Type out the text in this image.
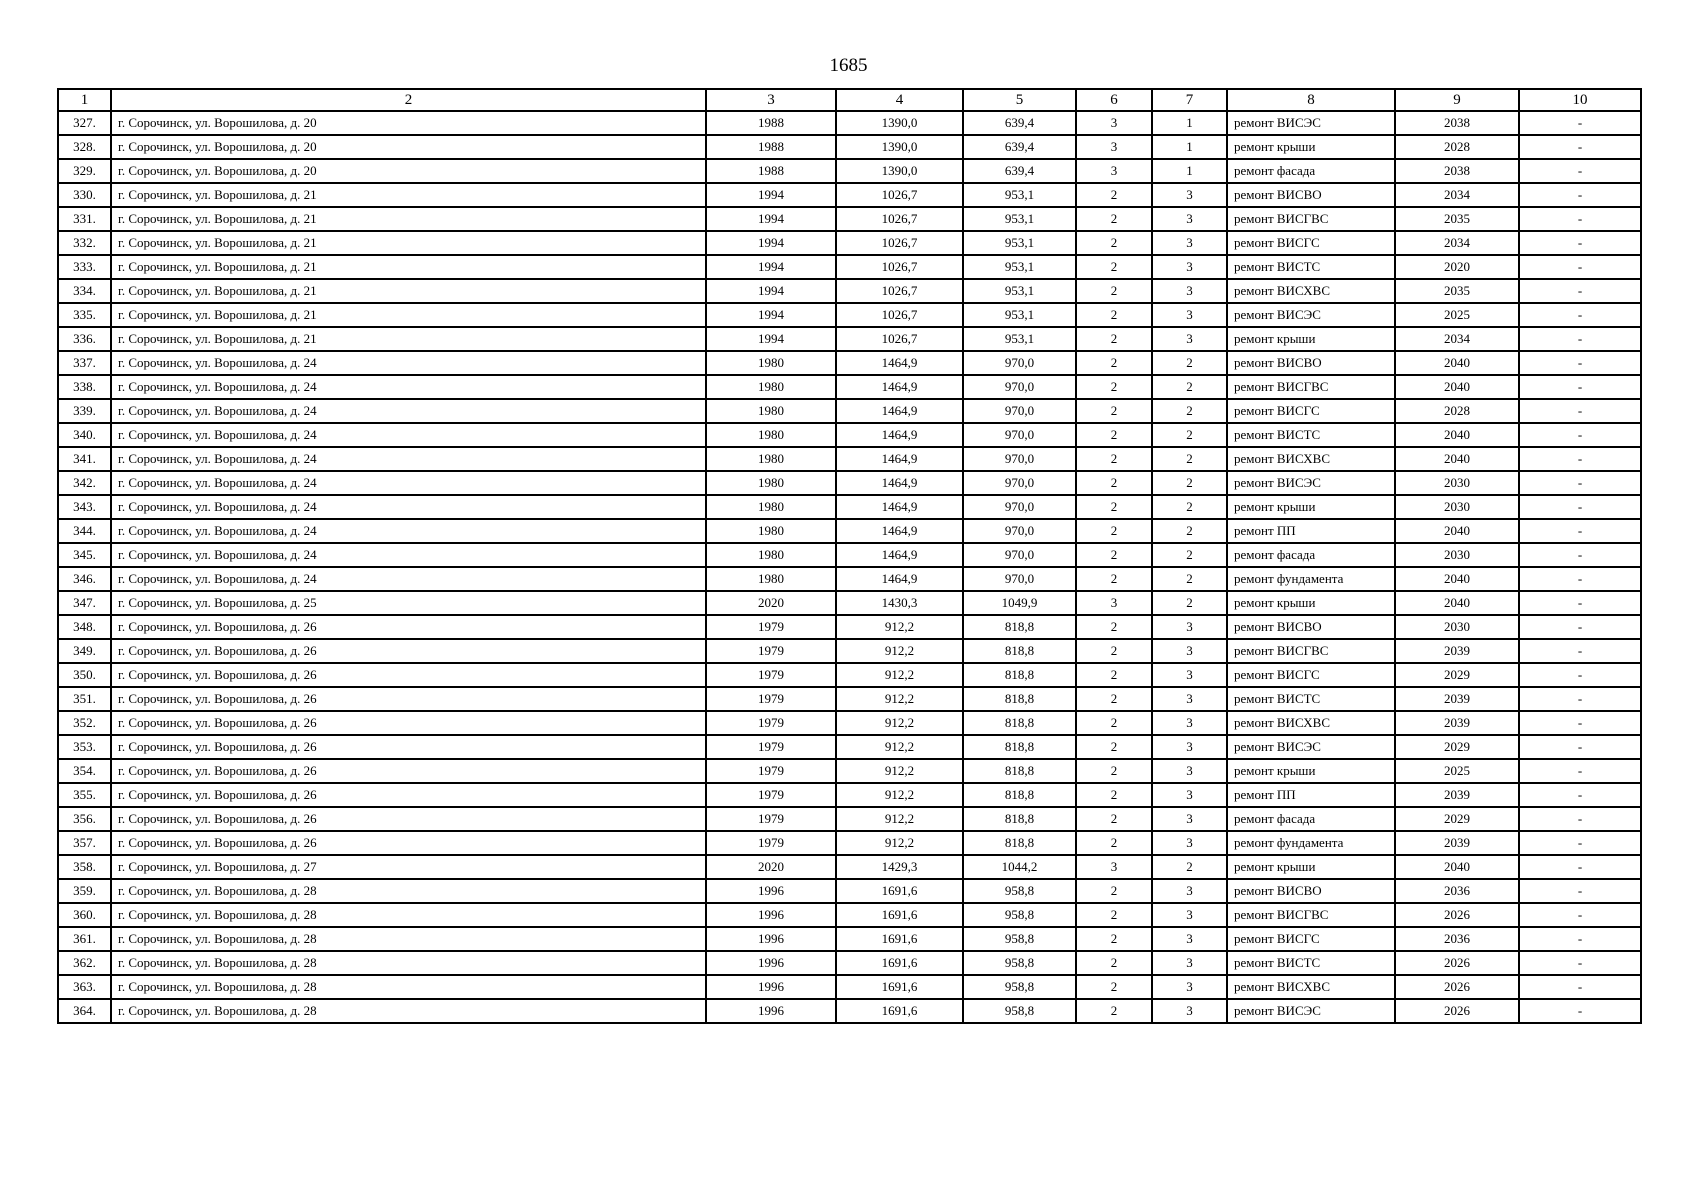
1685
1	2	3	4	5	6	7	8	9	10
327.	г. Сорочинск, ул. Ворошилова, д. 20	1988	1390,0	639,4	3	1	ремонт ВИСЭС	2038	-
328.	г. Сорочинск, ул. Ворошилова, д. 20	1988	1390,0	639,4	3	1	ремонт крыши	2028	-
329.	г. Сорочинск, ул. Ворошилова, д. 20	1988	1390,0	639,4	3	1	ремонт фасада	2038	-
330.	г. Сорочинск, ул. Ворошилова, д. 21	1994	1026,7	953,1	2	3	ремонт ВИСВО	2034	-
331.	г. Сорочинск, ул. Ворошилова, д. 21	1994	1026,7	953,1	2	3	ремонт ВИСГВС	2035	-
332.	г. Сорочинск, ул. Ворошилова, д. 21	1994	1026,7	953,1	2	3	ремонт ВИСГС	2034	-
333.	г. Сорочинск, ул. Ворошилова, д. 21	1994	1026,7	953,1	2	3	ремонт ВИСТС	2020	-
334.	г. Сорочинск, ул. Ворошилова, д. 21	1994	1026,7	953,1	2	3	ремонт ВИСХВС	2035	-
335.	г. Сорочинск, ул. Ворошилова, д. 21	1994	1026,7	953,1	2	3	ремонт ВИСЭС	2025	-
336.	г. Сорочинск, ул. Ворошилова, д. 21	1994	1026,7	953,1	2	3	ремонт крыши	2034	-
337.	г. Сорочинск, ул. Ворошилова, д. 24	1980	1464,9	970,0	2	2	ремонт ВИСВО	2040	-
338.	г. Сорочинск, ул. Ворошилова, д. 24	1980	1464,9	970,0	2	2	ремонт ВИСГВС	2040	-
339.	г. Сорочинск, ул. Ворошилова, д. 24	1980	1464,9	970,0	2	2	ремонт ВИСГС	2028	-
340.	г. Сорочинск, ул. Ворошилова, д. 24	1980	1464,9	970,0	2	2	ремонт ВИСТС	2040	-
341.	г. Сорочинск, ул. Ворошилова, д. 24	1980	1464,9	970,0	2	2	ремонт ВИСХВС	2040	-
342.	г. Сорочинск, ул. Ворошилова, д. 24	1980	1464,9	970,0	2	2	ремонт ВИСЭС	2030	-
343.	г. Сорочинск, ул. Ворошилова, д. 24	1980	1464,9	970,0	2	2	ремонт крыши	2030	-
344.	г. Сорочинск, ул. Ворошилова, д. 24	1980	1464,9	970,0	2	2	ремонт ПП	2040	-
345.	г. Сорочинск, ул. Ворошилова, д. 24	1980	1464,9	970,0	2	2	ремонт фасада	2030	-
346.	г. Сорочинск, ул. Ворошилова, д. 24	1980	1464,9	970,0	2	2	ремонт фундамента	2040	-
347.	г. Сорочинск, ул. Ворошилова, д. 25	2020	1430,3	1049,9	3	2	ремонт крыши	2040	-
348.	г. Сорочинск, ул. Ворошилова, д. 26	1979	912,2	818,8	2	3	ремонт ВИСВО	2030	-
349.	г. Сорочинск, ул. Ворошилова, д. 26	1979	912,2	818,8	2	3	ремонт ВИСГВС	2039	-
350.	г. Сорочинск, ул. Ворошилова, д. 26	1979	912,2	818,8	2	3	ремонт ВИСГС	2029	-
351.	г. Сорочинск, ул. Ворошилова, д. 26	1979	912,2	818,8	2	3	ремонт ВИСТС	2039	-
352.	г. Сорочинск, ул. Ворошилова, д. 26	1979	912,2	818,8	2	3	ремонт ВИСХВС	2039	-
353.	г. Сорочинск, ул. Ворошилова, д. 26	1979	912,2	818,8	2	3	ремонт ВИСЭС	2029	-
354.	г. Сорочинск, ул. Ворошилова, д. 26	1979	912,2	818,8	2	3	ремонт крыши	2025	-
355.	г. Сорочинск, ул. Ворошилова, д. 26	1979	912,2	818,8	2	3	ремонт ПП	2039	-
356.	г. Сорочинск, ул. Ворошилова, д. 26	1979	912,2	818,8	2	3	ремонт фасада	2029	-
357.	г. Сорочинск, ул. Ворошилова, д. 26	1979	912,2	818,8	2	3	ремонт фундамента	2039	-
358.	г. Сорочинск, ул. Ворошилова, д. 27	2020	1429,3	1044,2	3	2	ремонт крыши	2040	-
359.	г. Сорочинск, ул. Ворошилова, д. 28	1996	1691,6	958,8	2	3	ремонт ВИСВО	2036	-
360.	г. Сорочинск, ул. Ворошилова, д. 28	1996	1691,6	958,8	2	3	ремонт ВИСГВС	2026	-
361.	г. Сорочинск, ул. Ворошилова, д. 28	1996	1691,6	958,8	2	3	ремонт ВИСГС	2036	-
362.	г. Сорочинск, ул. Ворошилова, д. 28	1996	1691,6	958,8	2	3	ремонт ВИСТС	2026	-
363.	г. Сорочинск, ул. Ворошилова, д. 28	1996	1691,6	958,8	2	3	ремонт ВИСХВС	2026	-
364.	г. Сорочинск, ул. Ворошилова, д. 28	1996	1691,6	958,8	2	3	ремонт ВИСЭС	2026	-
